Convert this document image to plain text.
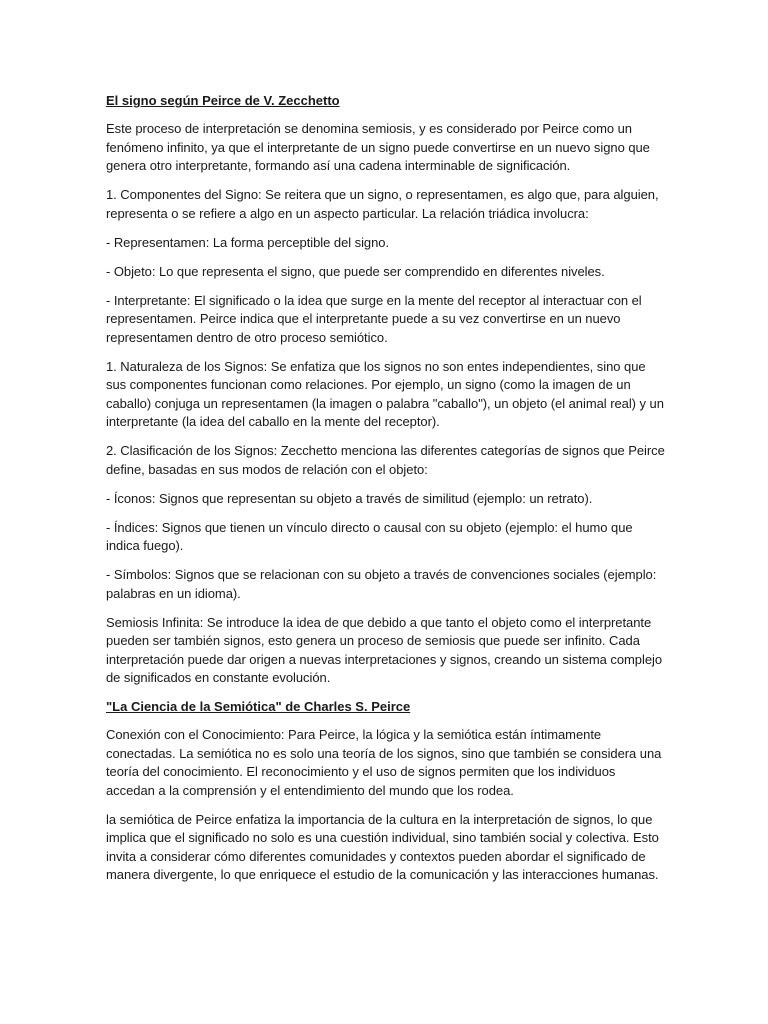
El signo según Peirce de V. Zecchetto

Este proceso de interpretación se denomina semiosis, y es considerado por Peirce como un fenómeno infinito, ya que el interpretante de un signo puede convertirse en un nuevo signo que genera otro interpretante, formando así una cadena interminable de significación.

1. Componentes del Signo: Se reitera que un signo, o representamen, es algo que, para alguien, representa o se refiere a algo en un aspecto particular. La relación triádica involucra:

- Representamen: La forma perceptible del signo.

- Objeto: Lo que representa el signo, que puede ser comprendido en diferentes niveles.

- Interpretante: El significado o la idea que surge en la mente del receptor al interactuar con el representamen. Peirce indica que el interpretante puede a su vez convertirse en un nuevo representamen dentro de otro proceso semiótico.

1. Naturaleza de los Signos: Se enfatiza que los signos no son entes independientes, sino que sus componentes funcionan como relaciones. Por ejemplo, un signo (como la imagen de un caballo) conjuga un representamen (la imagen o palabra "caballo"), un objeto (el animal real) y un interpretante (la idea del caballo en la mente del receptor).

2. Clasificación de los Signos: Zecchetto menciona las diferentes categorías de signos que Peirce define, basadas en sus modos de relación con el objeto:

- Íconos: Signos que representan su objeto a través de similitud (ejemplo: un retrato).

- Índices: Signos que tienen un vínculo directo o causal con su objeto (ejemplo: el humo que indica fuego).

- Símbolos: Signos que se relacionan con su objeto a través de convenciones sociales (ejemplo: palabras en un idioma).

Semiosis Infinita: Se introduce la idea de que debido a que tanto el objeto como el interpretante pueden ser también signos, esto genera un proceso de semiosis que puede ser infinito. Cada interpretación puede dar origen a nuevas interpretaciones y signos, creando un sistema complejo de significados en constante evolución.

"La Ciencia de la Semiótica" de Charles S. Peirce

Conexión con el Conocimiento: Para Peirce, la lógica y la semiótica están íntimamente conectadas. La semiótica no es solo una teoría de los signos, sino que también se considera una teoría del conocimiento. El reconocimiento y el uso de signos permiten que los individuos accedan a la comprensión y el entendimiento del mundo que los rodea.

la semiótica de Peirce enfatiza la importancia de la cultura en la interpretación de signos, lo que implica que el significado no solo es una cuestión individual, sino también social y colectiva. Esto invita a considerar cómo diferentes comunidades y contextos pueden abordar el significado de manera divergente, lo que enriquece el estudio de la comunicación y las interacciones humanas.
